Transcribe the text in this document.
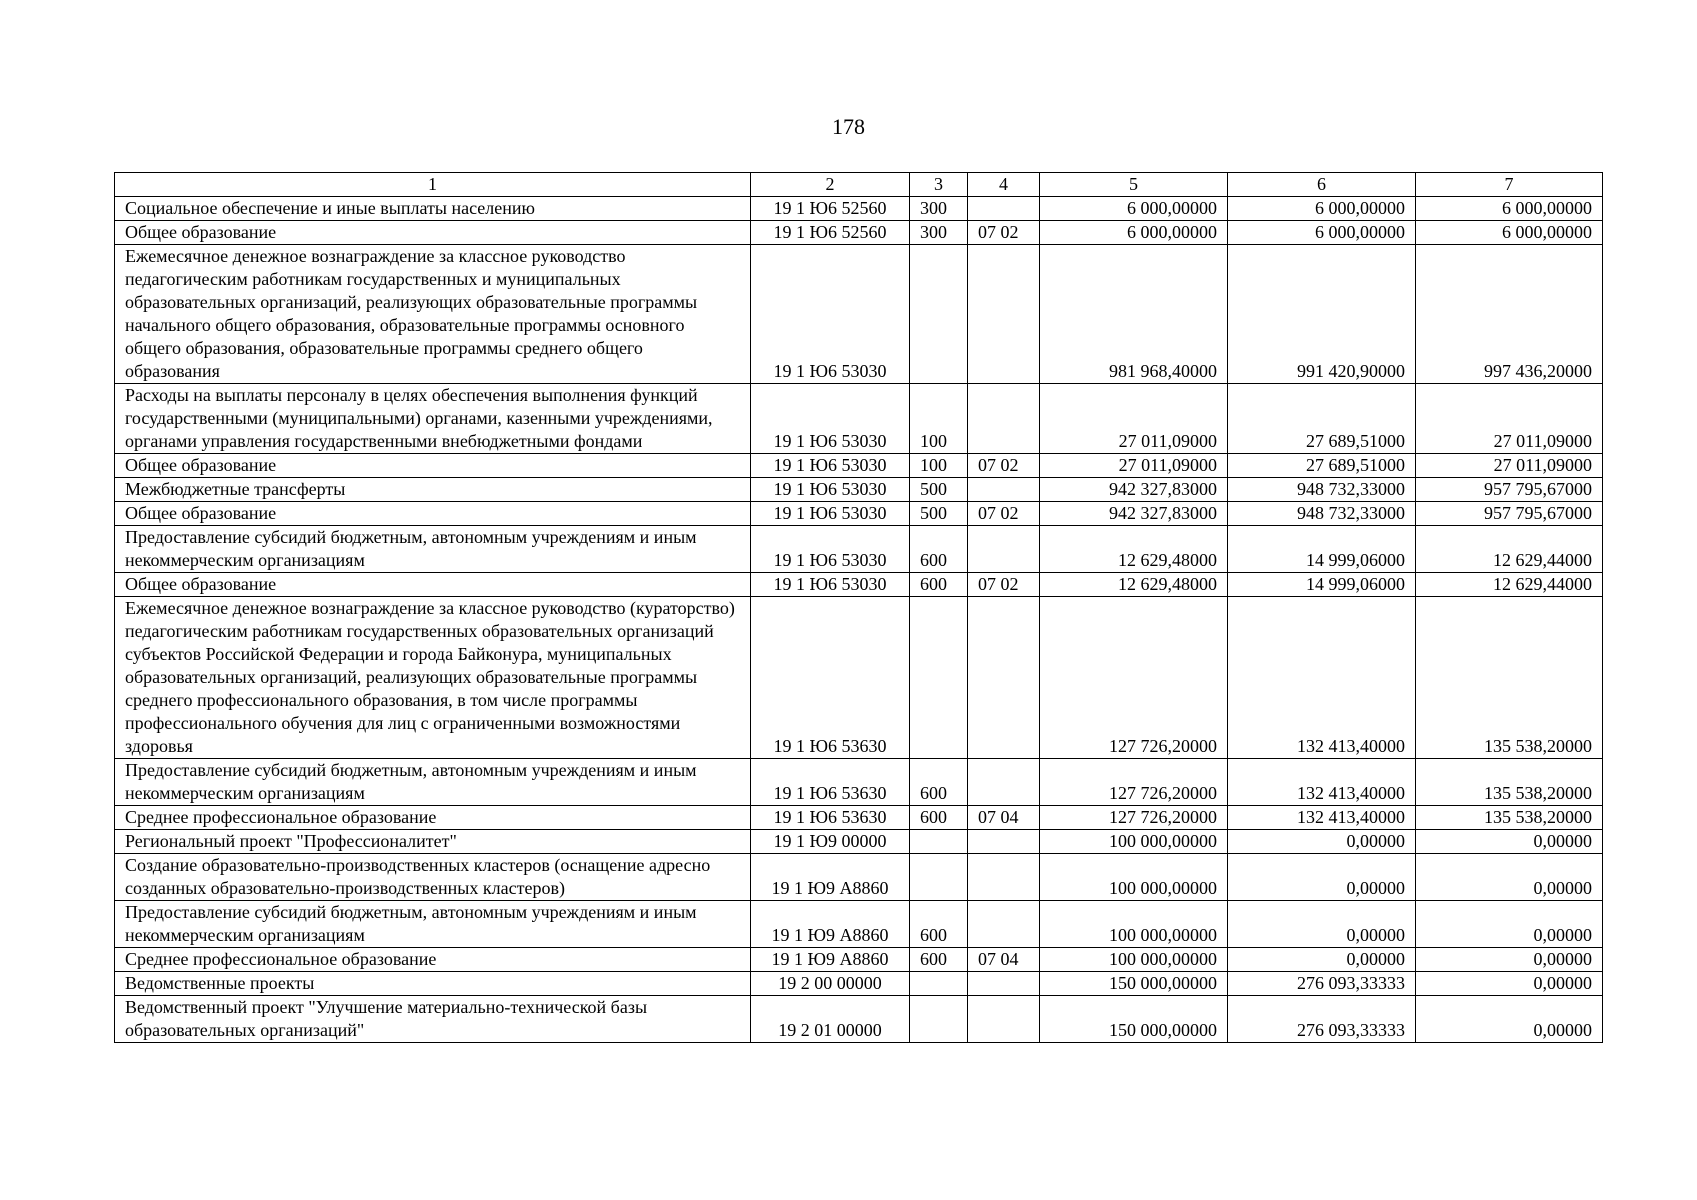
178
1	2	3	4	5	6	7
Социальное обеспечение и иные выплаты населению	19 1 Ю6 52560	300		6 000,00000	6 000,00000	6 000,00000
Общее образование	19 1 Ю6 52560	300	07 02	6 000,00000	6 000,00000	6 000,00000
Ежемесячное денежное вознаграждение за классное руководство педагогическим работникам государственных и муниципальных образовательных организаций, реализующих образовательные программы начального общего образования, образовательные программы основного общего образования, образовательные программы среднего общего образования	19 1 Ю6 53030			981 968,40000	991 420,90000	997 436,20000
Расходы на выплаты персоналу в целях обеспечения выполнения функций государственными (муниципальными) органами, казенными учреждениями, органами управления государственными внебюджетными фондами	19 1 Ю6 53030	100		27 011,09000	27 689,51000	27 011,09000
Общее образование	19 1 Ю6 53030	100	07 02	27 011,09000	27 689,51000	27 011,09000
Межбюджетные трансферты	19 1 Ю6 53030	500		942 327,83000	948 732,33000	957 795,67000
Общее образование	19 1 Ю6 53030	500	07 02	942 327,83000	948 732,33000	957 795,67000
Предоставление субсидий бюджетным, автономным учреждениям и иным некоммерческим организациям	19 1 Ю6 53030	600		12 629,48000	14 999,06000	12 629,44000
Общее образование	19 1 Ю6 53030	600	07 02	12 629,48000	14 999,06000	12 629,44000
Ежемесячное денежное вознаграждение за классное руководство (кураторство) педагогическим работникам государственных образовательных организаций субъектов Российской Федерации и города Байконура, муниципальных образовательных организаций, реализующих образовательные программы среднего профессионального образования, в том числе программы профессионального обучения для лиц с ограниченными возможностями здоровья	19 1 Ю6 53630			127 726,20000	132 413,40000	135 538,20000
Предоставление субсидий бюджетным, автономным учреждениям и иным некоммерческим организациям	19 1 Ю6 53630	600		127 726,20000	132 413,40000	135 538,20000
Среднее профессиональное образование	19 1 Ю6 53630	600	07 04	127 726,20000	132 413,40000	135 538,20000
Региональный проект "Профессионалитет"	19 1 Ю9 00000			100 000,00000	0,00000	0,00000
Создание образовательно-производственных кластеров (оснащение адресно созданных образовательно-производственных кластеров)	19 1 Ю9 А8860			100 000,00000	0,00000	0,00000
Предоставление субсидий бюджетным, автономным учреждениям и иным некоммерческим организациям	19 1 Ю9 А8860	600		100 000,00000	0,00000	0,00000
Среднее профессиональное образование	19 1 Ю9 А8860	600	07 04	100 000,00000	0,00000	0,00000
Ведомственные проекты	19 2 00 00000			150 000,00000	276 093,33333	0,00000
Ведомственный проект "Улучшение материально-технической базы образовательных организаций"	19 2 01 00000			150 000,00000	276 093,33333	0,00000
